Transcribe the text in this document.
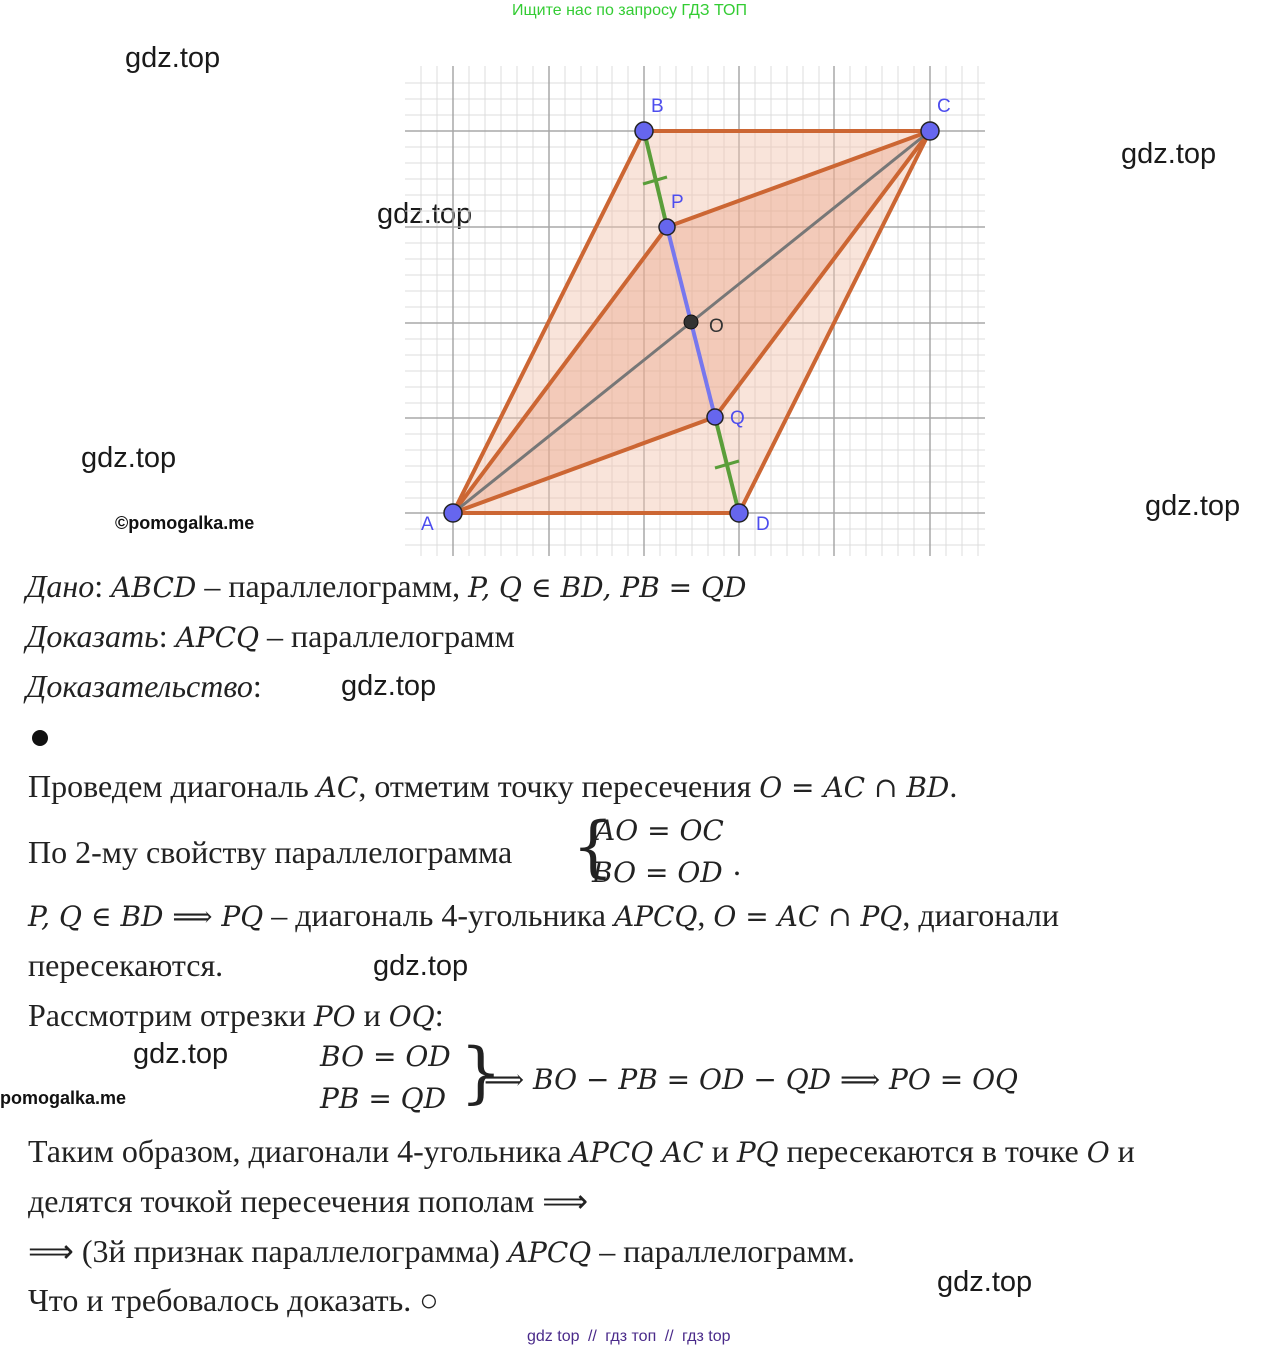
Ищите нас по запросу ГДЗ ТОП
gdz.top
gdz.top
gdz.top
gdz.top
gdz.top
gdz.top
gdz.top
gdz.top
gdz.top
©pomogalka.me
pomogalka.me
A
B	C
D
P
Q
O
Дано: ABCD – параллелограмм, P, Q ∈ BD, PB = QD
Доказать: APCQ – параллелограмм
Доказательство:
Проведем диагональ AC, отметим точку пересечения O = AC ∩ BD.
По 2-му свойству параллелограмма {
AO = OC
BO = OD .
P, Q ∈ BD ⟹ PQ – диагональ 4-угольника APCQ, O = AC ∩ PQ, диагонали
пересекаются.
Рассмотрим отрезки PO и OQ:
BO = OD
PB = QD }
⟹ BO − PB = OD − QD ⟹ PO = OQ
Таким образом, диагонали 4-угольника APCQ AC и PQ пересекаются в точке O и
делятся точкой пересечения пополам ⟹
⟹ (3й признак параллелограмма) APCQ – параллелограмм.
Что и требовалось доказать. ○
gdz top // гдз топ // гдз top
